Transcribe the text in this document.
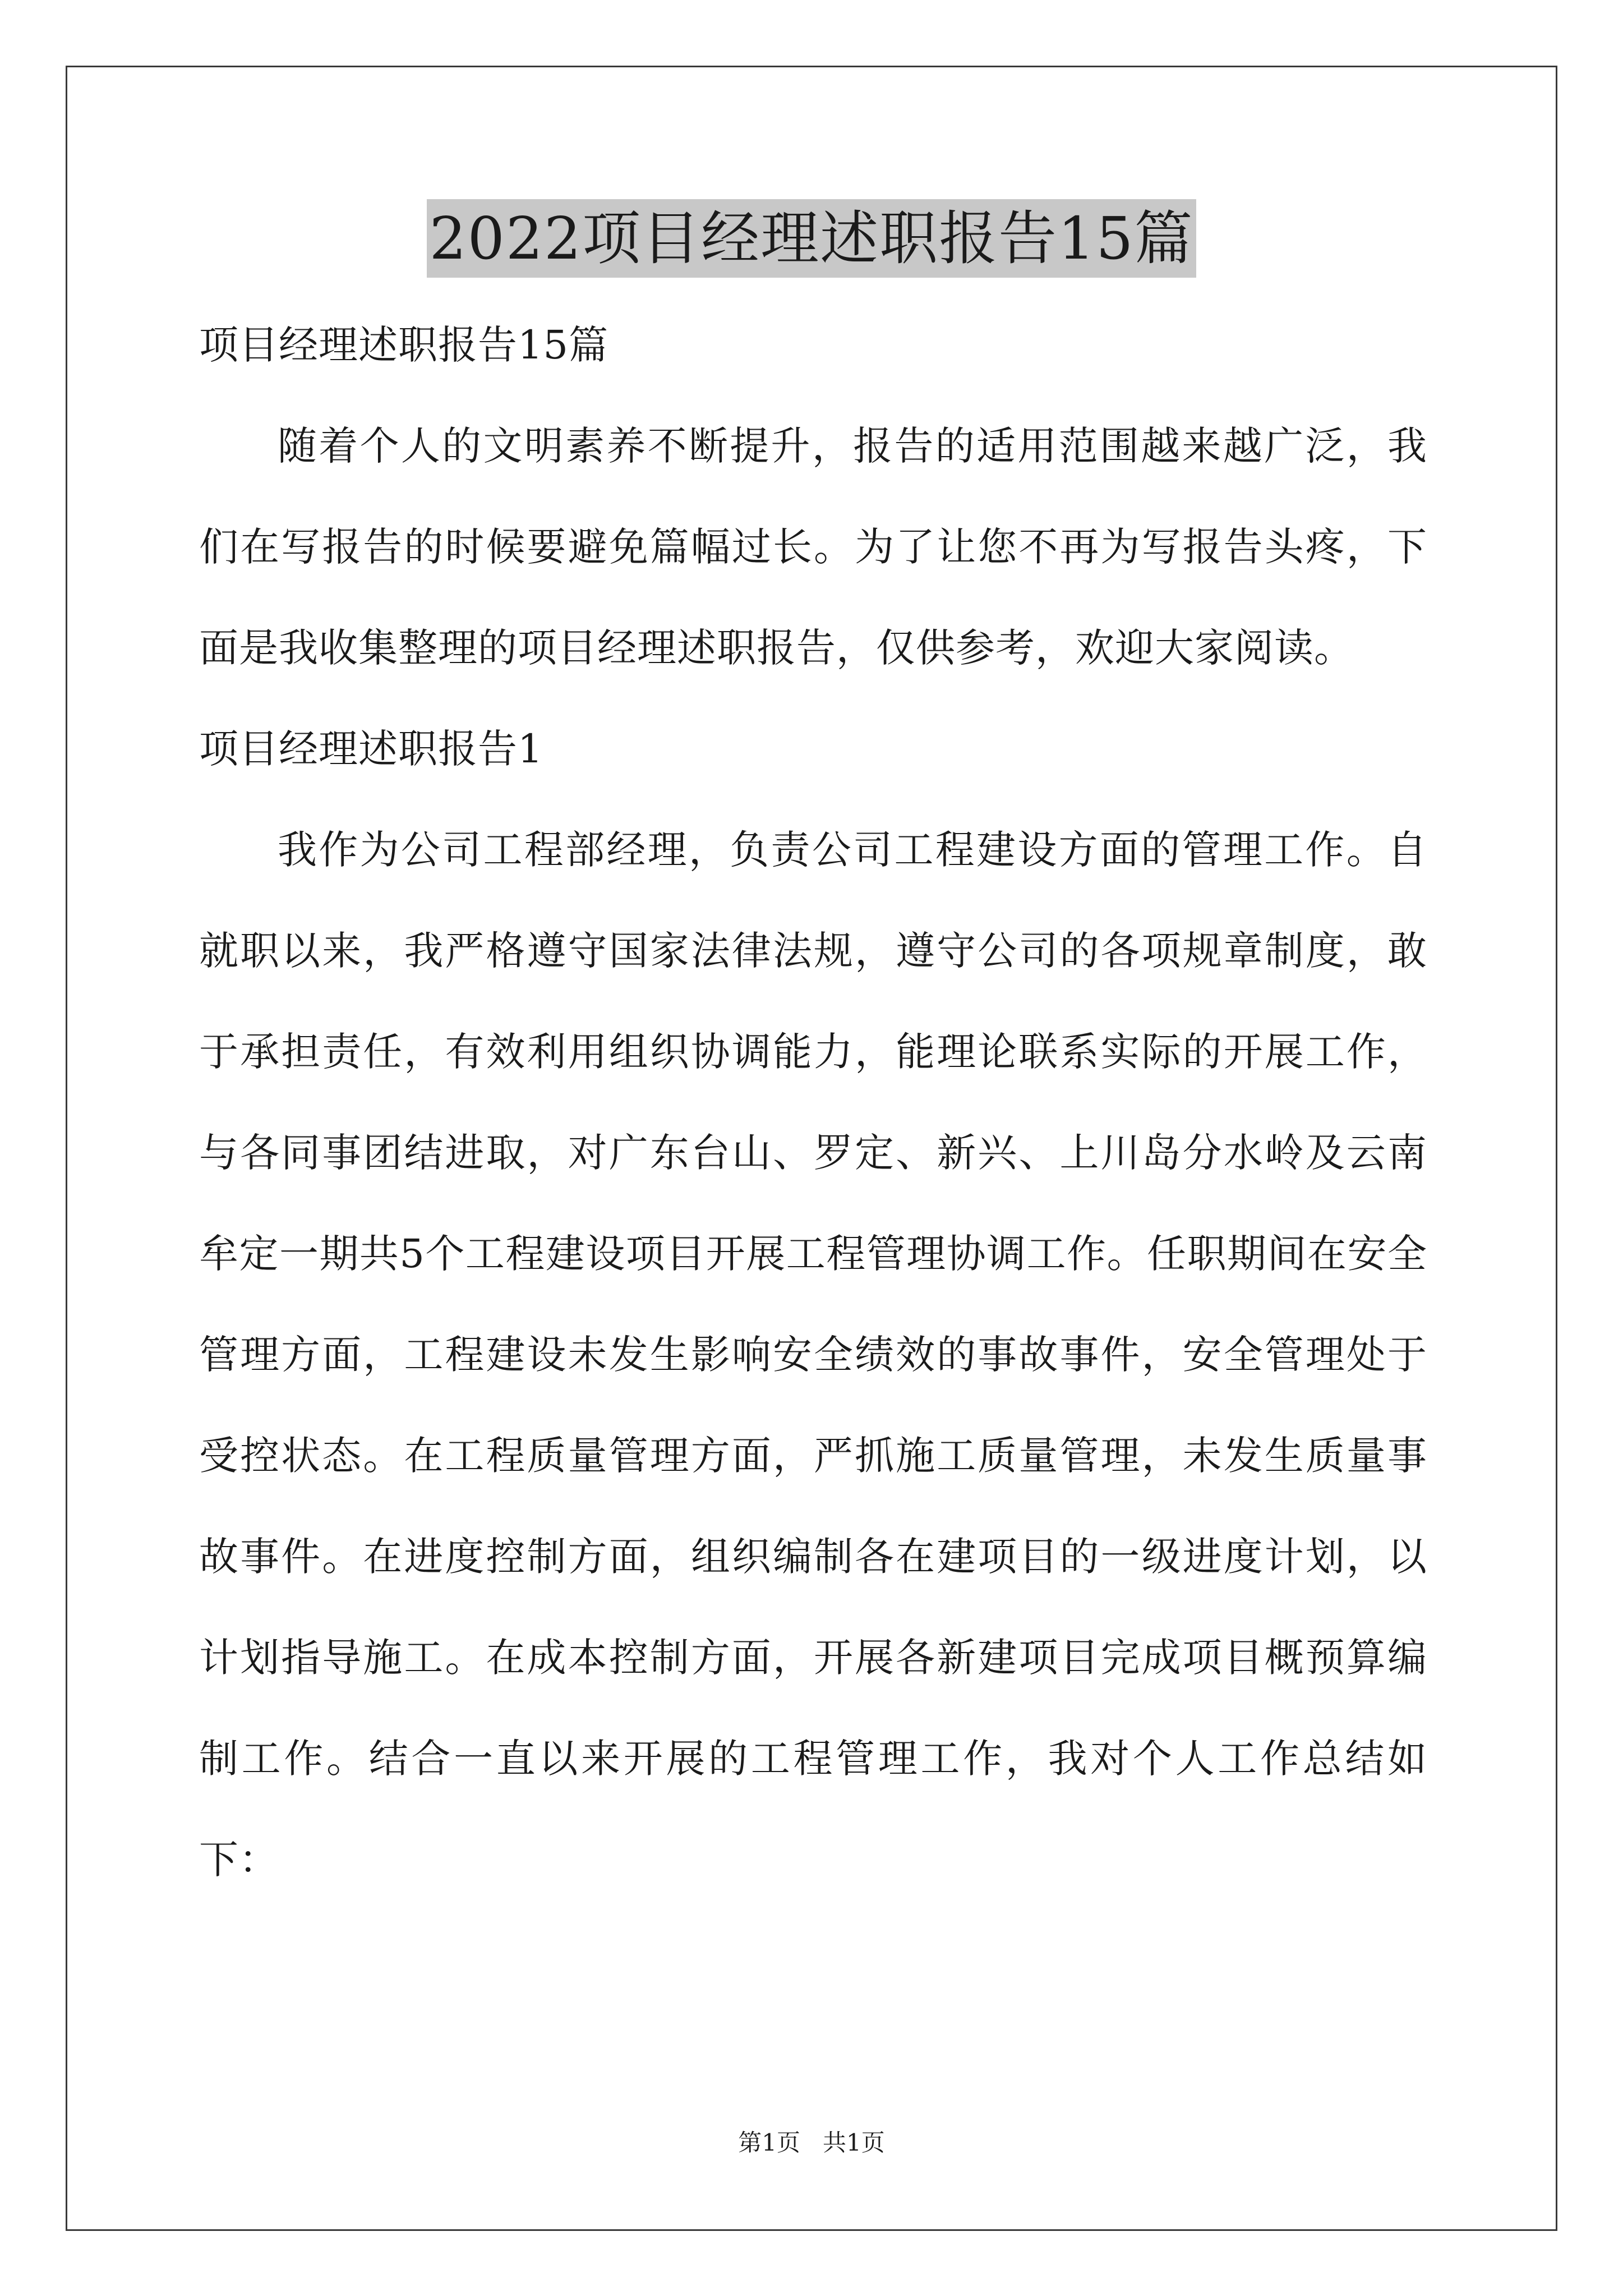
2022项目经理述职报告15篇

项目经理述职报告15篇

随着个人的文明素养不断提升，报告的适用范围越来越广泛，我们在写报告的时候要避免篇幅过长。为了让您不再为写报告头疼，下面是我收集整理的项目经理述职报告，仅供参考，欢迎大家阅读。

项目经理述职报告1

我作为公司工程部经理，负责公司工程建设方面的管理工作。自就职以来，我严格遵守国家法律法规，遵守公司的各项规章制度，敢于承担责任，有效利用组织协调能力，能理论联系实际的开展工作，与各同事团结进取，对广东台山、罗定、新兴、上川岛分水岭及云南牟定一期共5个工程建设项目开展工程管理协调工作。任职期间在安全管理方面，工程建设未发生影响安全绩效的事故事件，安全管理处于受控状态。在工程质量管理方面，严抓施工质量管理，未发生质量事故事件。在进度控制方面，组织编制各在建项目的一级进度计划，以计划指导施工。在成本控制方面，开展各新建项目完成项目概预算编制工作。结合一直以来开展的工程管理工作，我对个人工作总结如下：

第1页   共1页
